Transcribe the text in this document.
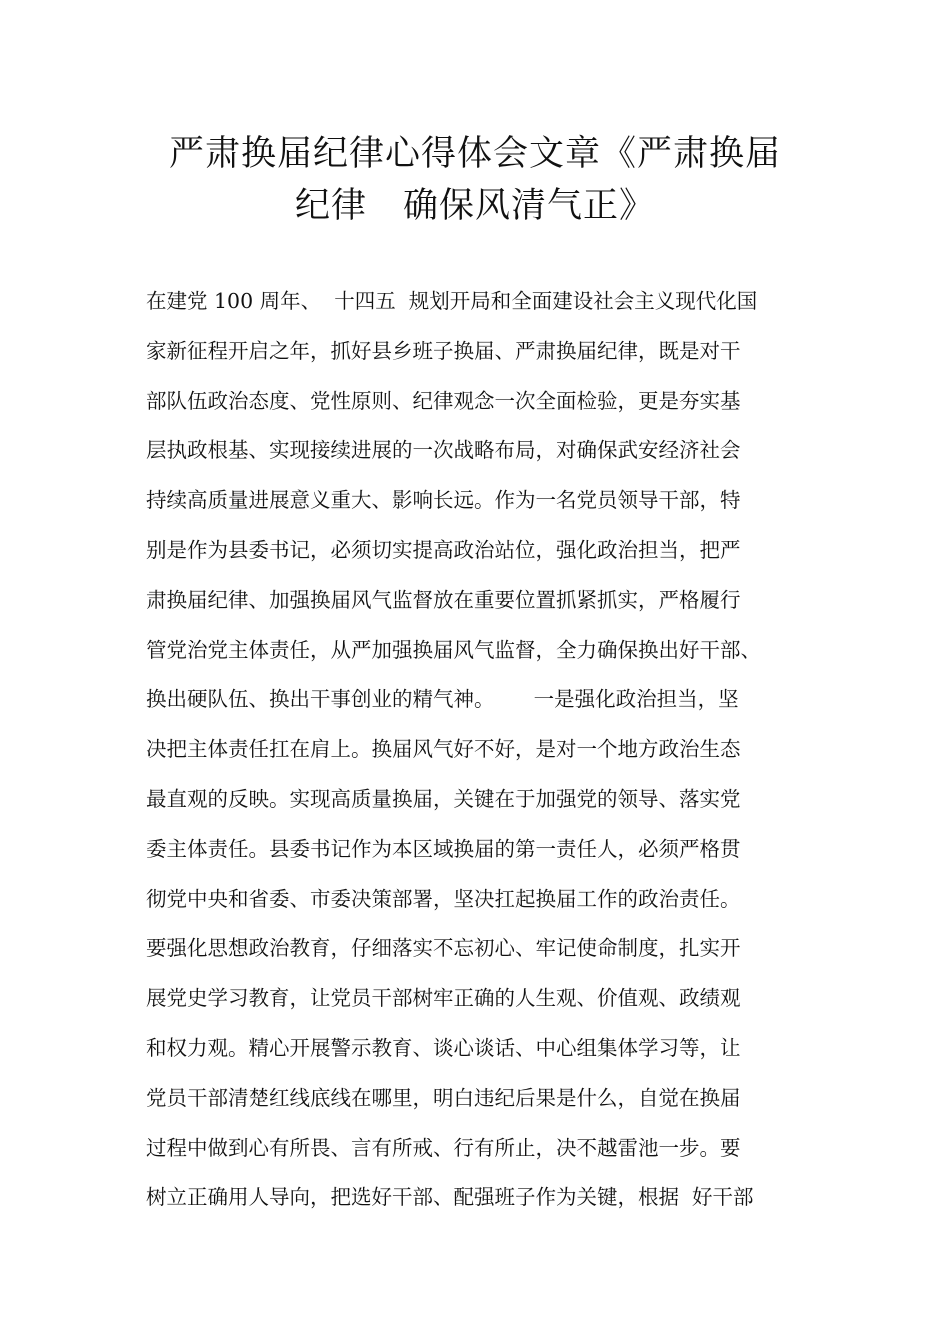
严肃换届纪律心得体会文章《严肃换届
纪律　确保风清气正》
在建党 100 周年、  十四五  规划开局和全面建设社会主义现代化国
家新征程开启之年，抓好县乡班子换届、严肃换届纪律，既是对干
部队伍政治态度、党性原则、纪律观念一次全面检验，更是夯实基
层执政根基、实现接续进展的一次战略布局，对确保武安经济社会
持续高质量进展意义重大、影响长远。作为一名党员领导干部，特
别是作为县委书记，必须切实提高政治站位，强化政治担当，把严
肃换届纪律、加强换届风气监督放在重要位置抓紧抓实，严格履行
管党治党主体责任，从严加强换届风气监督，全力确保换出好干部、
换出硬队伍、换出干事创业的精气神。      一是强化政治担当，坚
决把主体责任扛在肩上。换届风气好不好，是对一个地方政治生态
最直观的反映。实现高质量换届，关键在于加强党的领导、落实党
委主体责任。县委书记作为本区域换届的第一责任人，必须严格贯
彻党中央和省委、市委决策部署，坚决扛起换届工作的政治责任。
要强化思想政治教育，仔细落实不忘初心、牢记使命制度，扎实开
展党史学习教育，让党员干部树牢正确的人生观、价值观、政绩观
和权力观。精心开展警示教育、谈心谈话、中心组集体学习等，让
党员干部清楚红线底线在哪里，明白违纪后果是什么，自觉在换届
过程中做到心有所畏、言有所戒、行有所止，决不越雷池一步。要
树立正确用人导向，把选好干部、配强班子作为关键，根据  好干部
